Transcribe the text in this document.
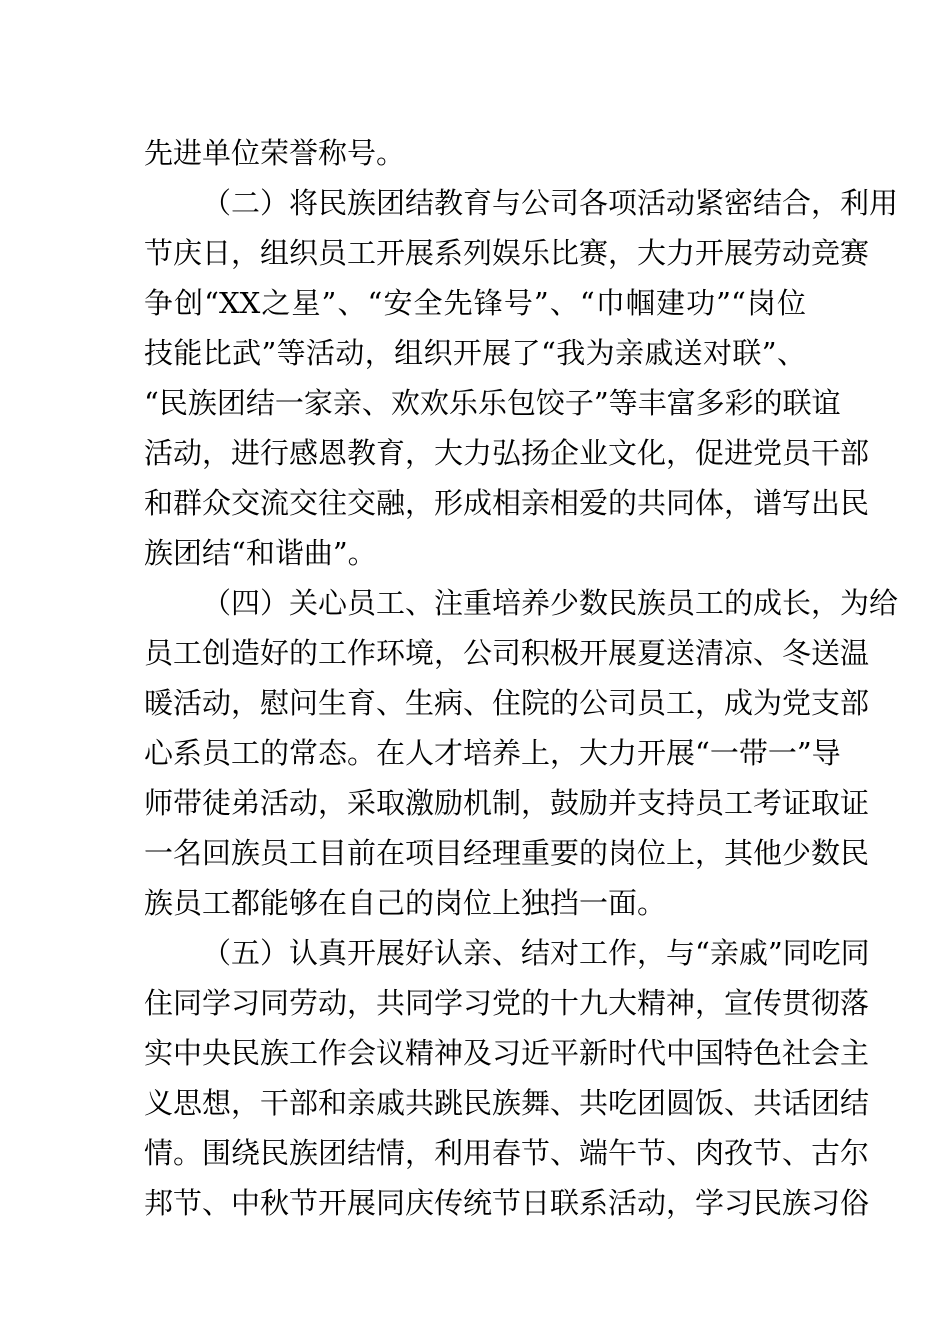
先进单位荣誉称号。
（二）将民族团结教育与公司各项活动紧密结合，利用
节庆日，组织员工开展系列娱乐比赛，大力开展劳动竞赛
争创“XX之星”、“安全先锋号”、“巾帼建功”“岗位
技能比武”等活动，组织开展了“我为亲戚送对联”、
“民族团结一家亲、欢欢乐乐包饺子”等丰富多彩的联谊
活动，进行感恩教育，大力弘扬企业文化，促进党员干部
和群众交流交往交融，形成相亲相爱的共同体，谱写出民
族团结“和谐曲”。
（四）关心员工、注重培养少数民族员工的成长，为给
员工创造好的工作环境，公司积极开展夏送清凉、冬送温
暖活动，慰问生育、生病、住院的公司员工，成为党支部
心系员工的常态。在人才培养上，大力开展“一带一”导
师带徒弟活动，采取激励机制，鼓励并支持员工考证取证
一名回族员工目前在项目经理重要的岗位上，其他少数民
族员工都能够在自己的岗位上独挡一面。
（五）认真开展好认亲、结对工作，与“亲戚”同吃同
住同学习同劳动，共同学习党的十九大精神，宣传贯彻落
实中央民族工作会议精神及习近平新时代中国特色社会主
义思想，干部和亲戚共跳民族舞、共吃团圆饭、共话团结
情。围绕民族团结情，利用春节、端午节、肉孜节、古尔
邦节、中秋节开展同庆传统节日联系活动，学习民族习俗
